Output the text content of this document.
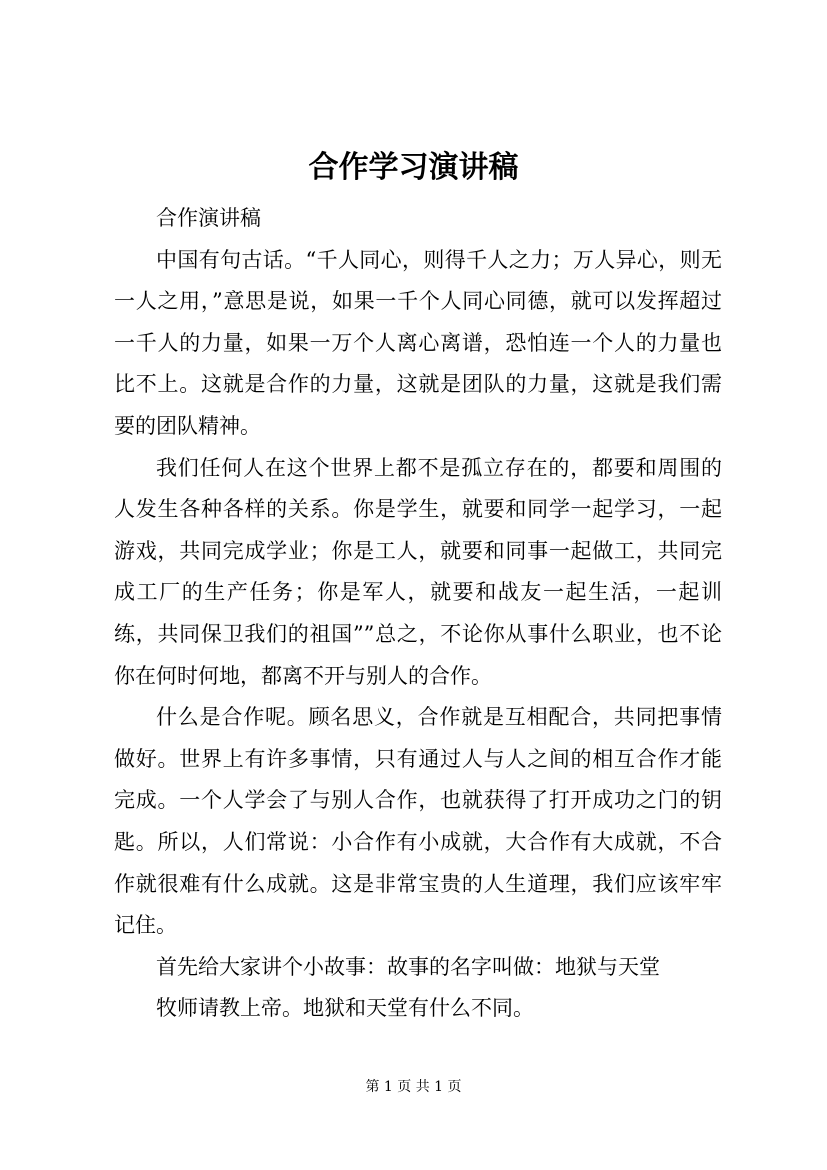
合作学习演讲稿

合作演讲稿

中国有句古话。“千人同心，则得千人之力；万人异心，则无一人之用，”意思是说，如果一千个人同心同德，就可以发挥超过一千人的力量，如果一万个人离心离谱，恐怕连一个人的力量也比不上。这就是合作的力量，这就是团队的力量，这就是我们需要的团队精神。

我们任何人在这个世界上都不是孤立存在的，都要和周围的人发生各种各样的关系。你是学生，就要和同学一起学习，一起游戏，共同完成学业；你是工人，就要和同事一起做工，共同完成工厂的生产任务；你是军人，就要和战友一起生活，一起训练，共同保卫我们的祖国””总之，不论你从事什么职业，也不论你在何时何地，都离不开与别人的合作。

什么是合作呢。顾名思义，合作就是互相配合，共同把事情做好。世界上有许多事情，只有通过人与人之间的相互合作才能完成。一个人学会了与别人合作，也就获得了打开成功之门的钥匙。所以，人们常说：小合作有小成就，大合作有大成就，不合作就很难有什么成就。这是非常宝贵的人生道理，我们应该牢牢记住。

首先给大家讲个小故事：故事的名字叫做：地狱与天堂

牧师请教上帝。地狱和天堂有什么不同。

第 1 页 共 1 页
